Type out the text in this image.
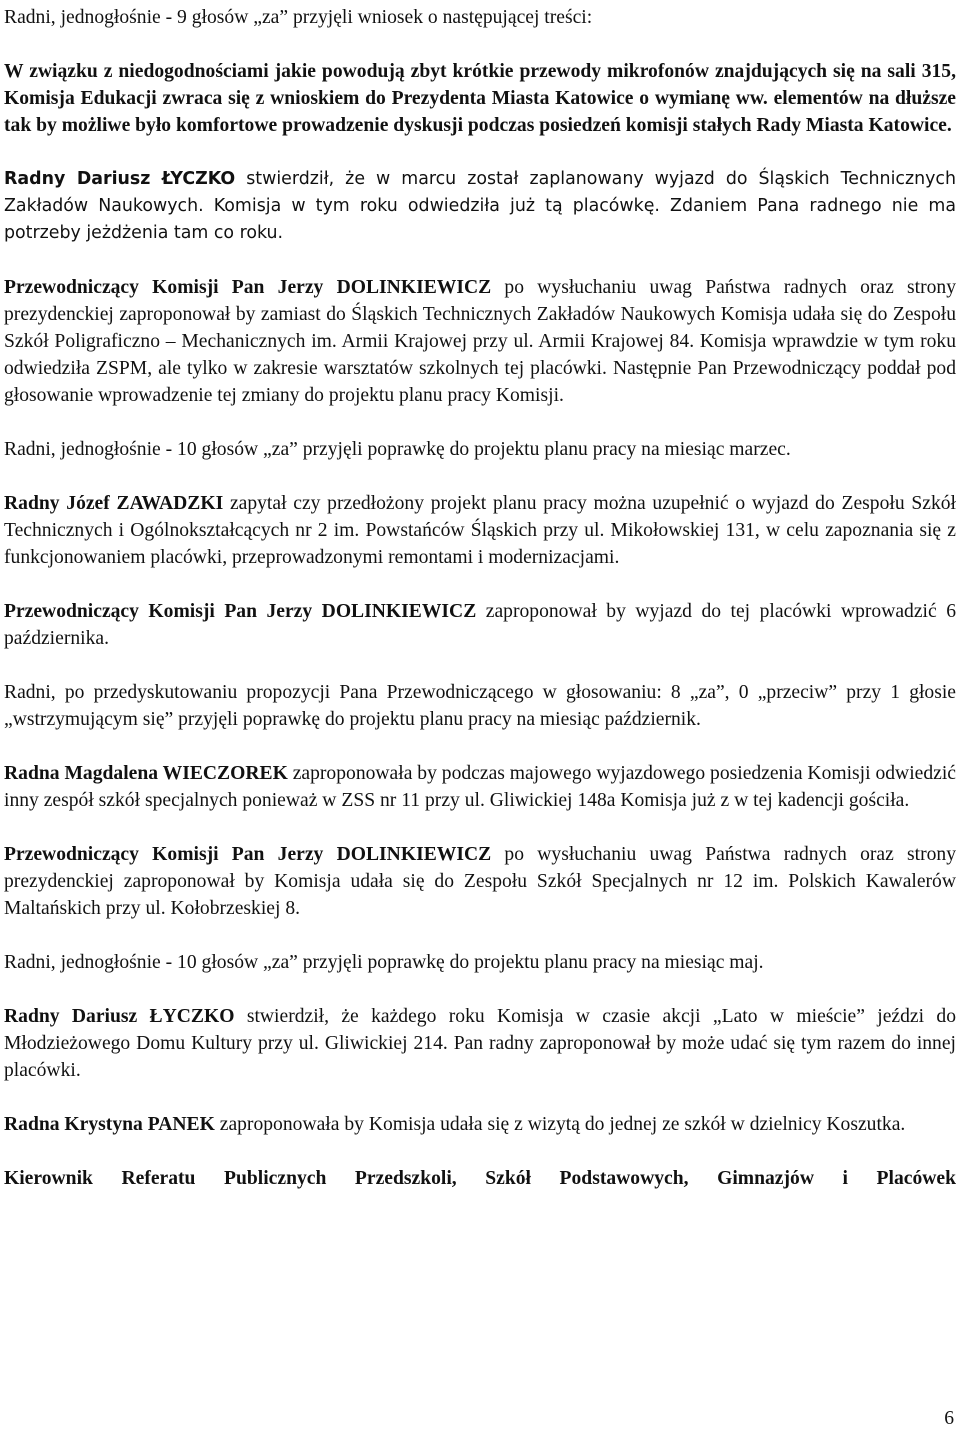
Radni, jednogłośnie - 9 głosów „za” przyjęli wniosek o następującej treści:

W związku z niedogodnościami jakie powodują zbyt krótkie przewody mikrofonów znajdujących się na sali 315, Komisja Edukacji zwraca się z wnioskiem do Prezydenta Miasta Katowice o wymianę ww. elementów na dłuższe tak by możliwe było komfortowe prowadzenie dyskusji podczas posiedzeń komisji stałych Rady Miasta Katowice.

Radny Dariusz ŁYCZKO stwierdził, że w marcu został zaplanowany wyjazd do Śląskich Technicznych Zakładów Naukowych. Komisja w tym roku odwiedziła już tą placówkę. Zdaniem Pana radnego nie ma potrzeby jeżdżenia tam co roku.

Przewodniczący Komisji Pan Jerzy DOLINKIEWICZ po wysłuchaniu uwag Państwa radnych oraz strony prezydenckiej zaproponował by zamiast do Śląskich Technicznych Zakładów Naukowych Komisja udała się do Zespołu Szkół Poligraficzno – Mechanicznych im. Armii Krajowej przy ul. Armii Krajowej 84. Komisja wprawdzie w tym roku odwiedziła ZSPM, ale tylko w zakresie warsztatów szkolnych tej placówki. Następnie Pan Przewodniczący poddał pod głosowanie wprowadzenie tej zmiany do projektu planu pracy Komisji.

Radni, jednogłośnie - 10 głosów „za” przyjęli poprawkę do projektu planu pracy na miesiąc marzec.

Radny Józef ZAWADZKI zapytał czy przedłożony projekt planu pracy można uzupełnić o wyjazd do Zespołu Szkół Technicznych i Ogólnokształcących nr 2 im. Powstańców Śląskich przy ul. Mikołowskiej 131, w celu zapoznania się z funkcjonowaniem placówki, przeprowadzonymi remontami i modernizacjami.

Przewodniczący Komisji Pan Jerzy DOLINKIEWICZ zaproponował by wyjazd do tej placówki wprowadzić 6 października.

Radni, po przedyskutowaniu propozycji Pana Przewodniczącego w głosowaniu: 8 „za”, 0 „przeciw” przy 1 głosie „wstrzymującym się” przyjęli poprawkę do projektu planu pracy na miesiąc październik.

Radna Magdalena WIECZOREK zaproponowała by podczas majowego wyjazdowego posiedzenia Komisji odwiedzić inny zespół szkół specjalnych ponieważ w ZSS nr 11 przy ul. Gliwickiej 148a Komisja już z w tej kadencji gościła.

Przewodniczący Komisji Pan Jerzy DOLINKIEWICZ po wysłuchaniu uwag Państwa radnych oraz strony prezydenckiej zaproponował by Komisja udała się do Zespołu Szkół Specjalnych nr 12 im. Polskich Kawalerów Maltańskich przy ul. Kołobrzeskiej 8.

Radni, jednogłośnie - 10 głosów „za” przyjęli poprawkę do projektu planu pracy na miesiąc maj.

Radny Dariusz ŁYCZKO stwierdził, że każdego roku Komisja w czasie akcji „Lato w mieście” jeździ do Młodzieżowego Domu Kultury przy ul. Gliwickiej 214. Pan radny zaproponował by może udać się tym razem do innej placówki.

Radna Krystyna PANEK zaproponowała by Komisja udała się z wizytą do jednej ze szkół w dzielnicy Koszutka.

Kierownik Referatu Publicznych Przedszkoli, Szkół Podstawowych, Gimnazjów i Placówek

6
